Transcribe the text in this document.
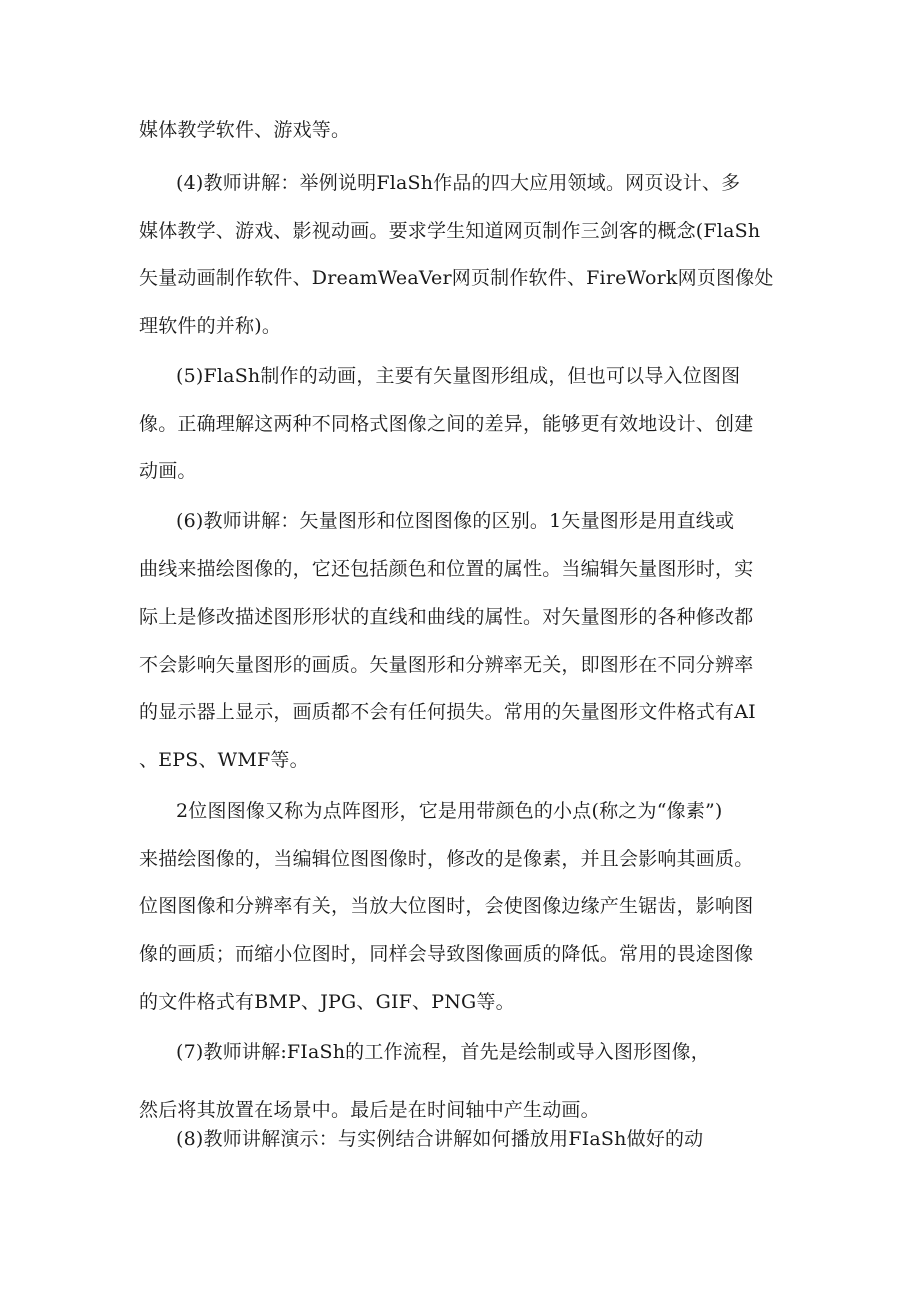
媒体教学软件、游戏等。

(4)教师讲解：举例说明FlaSh作品的四大应用领域。网页设计、多

媒体教学、游戏、影视动画。要求学生知道网页制作三剑客的概念(FlaSh

矢量动画制作软件、DreamWeaVer网页制作软件、FireWork网页图像处

理软件的并称)。

(5)FlaSh制作的动画，主要有矢量图形组成，但也可以导入位图图

像。正确理解这两种不同格式图像之间的差异，能够更有效地设计、创建

动画。

(6)教师讲解：矢量图形和位图图像的区别。1矢量图形是用直线或

曲线来描绘图像的，它还包括颜色和位置的属性。当编辑矢量图形时，实

际上是修改描述图形形状的直线和曲线的属性。对矢量图形的各种修改都

不会影响矢量图形的画质。矢量图形和分辨率无关，即图形在不同分辨率

的显示器上显示，画质都不会有任何损失。常用的矢量图形文件格式有AI

、EPS、WMF等。

2位图图像又称为点阵图形，它是用带颜色的小点(称之为“像素”)

来描绘图像的，当编辑位图图像时，修改的是像素，并且会影响其画质。

位图图像和分辨率有关，当放大位图时，会使图像边缘产生锯齿，影响图

像的画质；而缩小位图时，同样会导致图像画质的降低。常用的畏途图像

的文件格式有BMP、JPG、GIF、PNG等。

(7)教师讲解:FIaSh的工作流程，首先是绘制或导入图形图像，

然后将其放置在场景中。最后是在时间轴中产生动画。

(8)教师讲解演示：与实例结合讲解如何播放用FIaSh做好的动
